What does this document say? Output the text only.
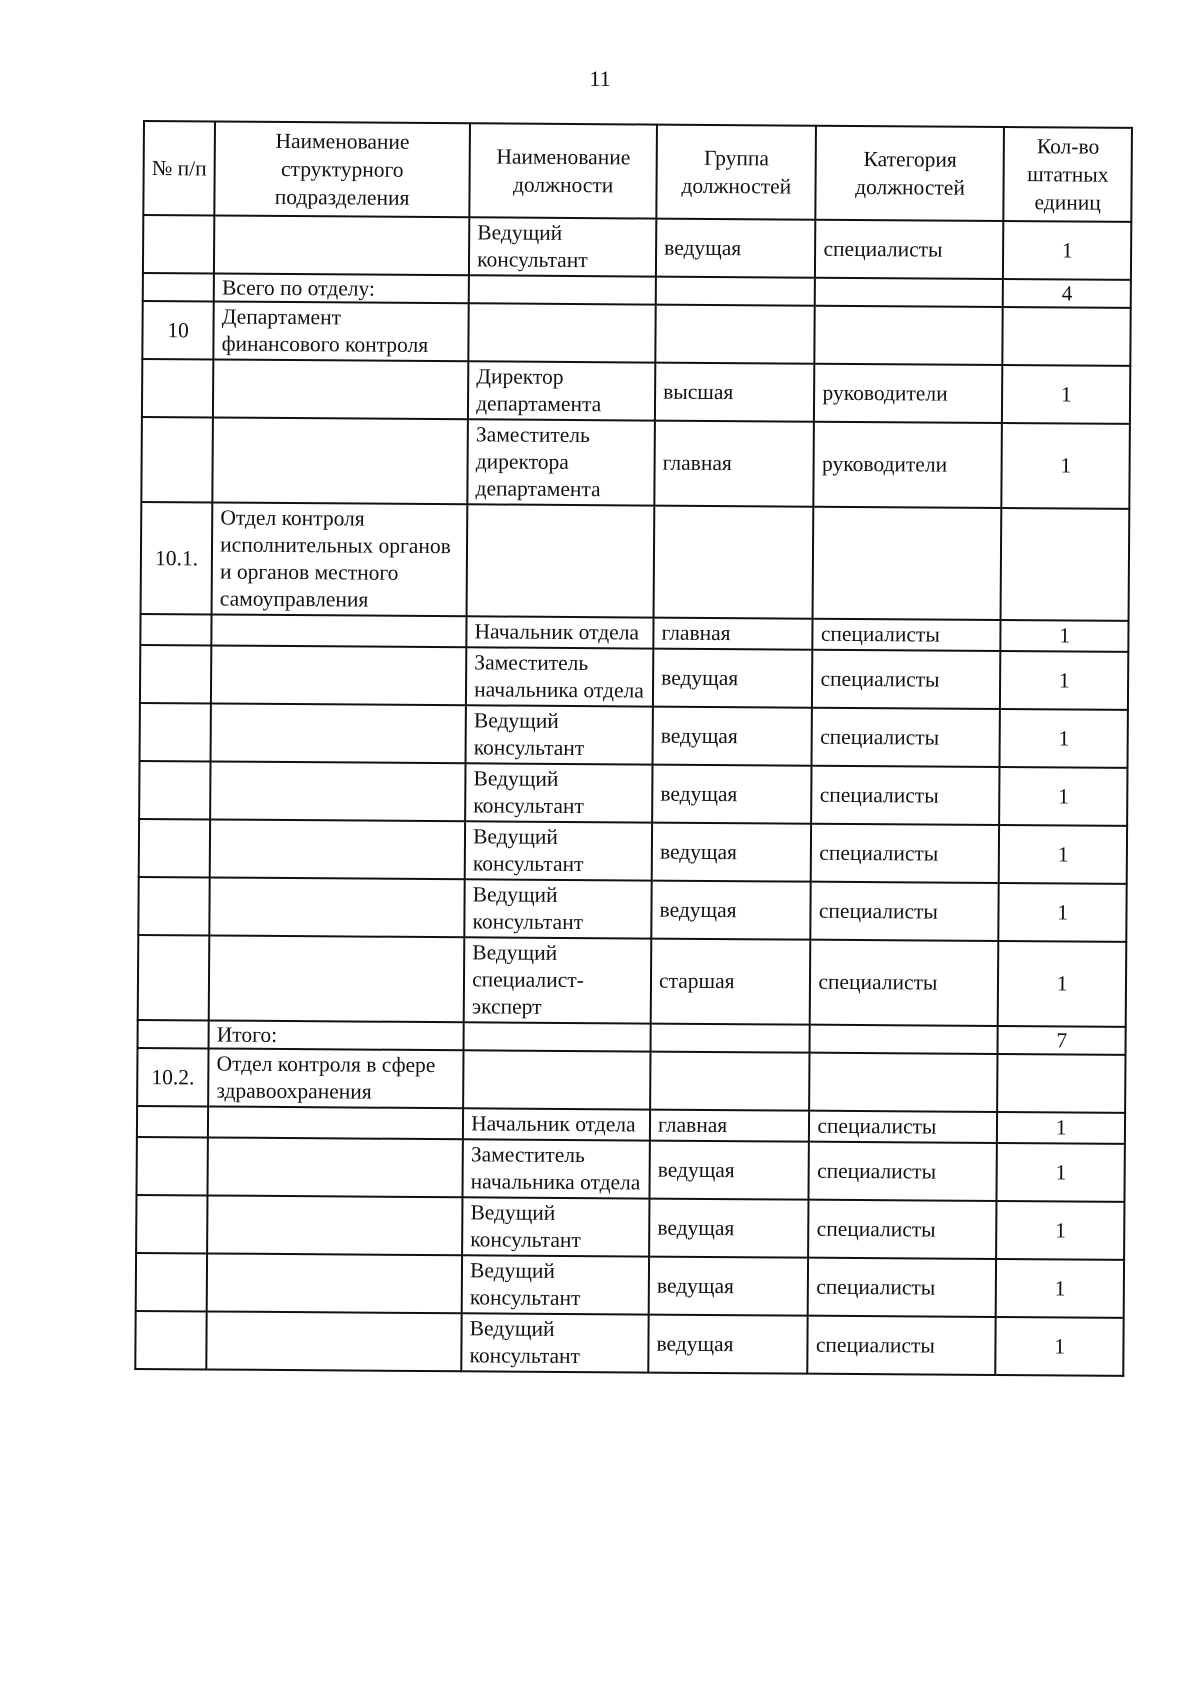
11
№ п/п	Наименование структурного подразделения	Наименование должности	Группа должностей	Категория должностей	Кол-во штатных единиц
		Ведущий консультант	ведущая	специалисты	1
	Всего по отделу:				4
10	Департамент финансового контроля				
		Директор департамента	высшая	руководители	1
		Заместитель директора департамента	главная	руководители	1
10.1.	Отдел контроля исполнительных органов и органов местного самоуправления				
		Начальник отдела	главная	специалисты	1
		Заместитель начальника отдела	ведущая	специалисты	1
		Ведущий консультант	ведущая	специалисты	1
		Ведущий консультант	ведущая	специалисты	1
		Ведущий консультант	ведущая	специалисты	1
		Ведущий консультант	ведущая	специалисты	1
		Ведущий специалист-эксперт	старшая	специалисты	1
	Итого:				7
10.2.	Отдел контроля в сфере здравоохранения				
		Начальник отдела	главная	специалисты	1
		Заместитель начальника отдела	ведущая	специалисты	1
		Ведущий консультант	ведущая	специалисты	1
		Ведущий консультант	ведущая	специалисты	1
		Ведущий консультант	ведущая	специалисты	1
